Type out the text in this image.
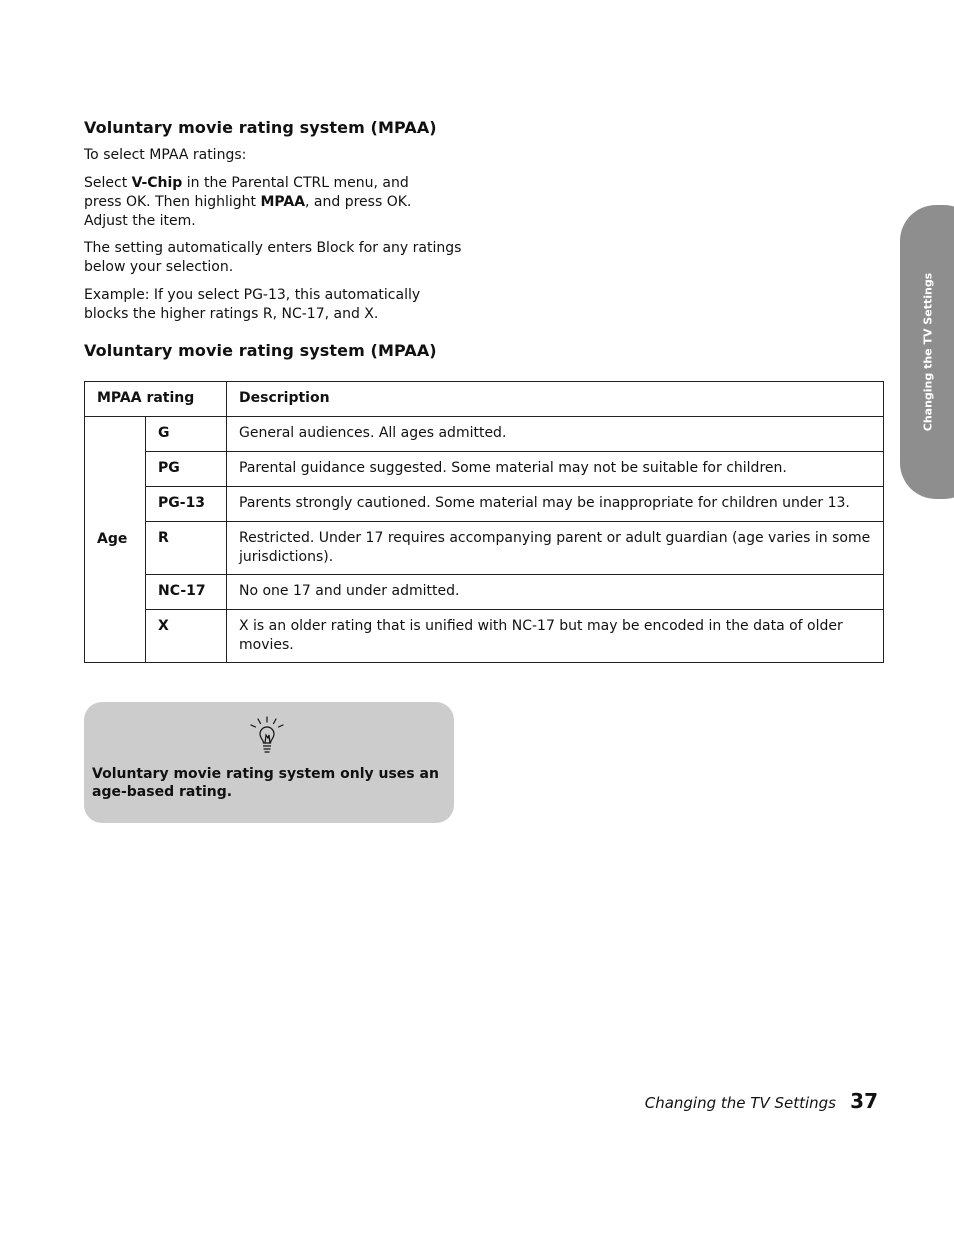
Voluntary movie rating system (MPAA)

To select MPAA ratings:

Select V-Chip in the Parental CTRL menu, and press OK. Then highlight MPAA, and press OK. Adjust the item.

The setting automatically enters Block for any ratings below your selection.

Example: If you select PG-13, this automatically blocks the higher ratings R, NC-17, and X.

Voluntary movie rating system (MPAA)
MPAA rating		Description
Age	G	General audiences. All ages admitted.
	PG	Parental guidance suggested. Some material may not be suitable for children.
	PG-13	Parents strongly cautioned. Some material may be inappropriate for children under 13.
	R	Restricted. Under 17 requires accompanying parent or adult guardian (age varies in some jurisdictions).
	NC-17	No one 17 and under admitted.
	X	X is an older rating that is unified with NC-17 but may be encoded in the data of older movies.

Voluntary movie rating system only uses an age-based rating.

Changing the TV Settings
Changing the TV Settings 37
